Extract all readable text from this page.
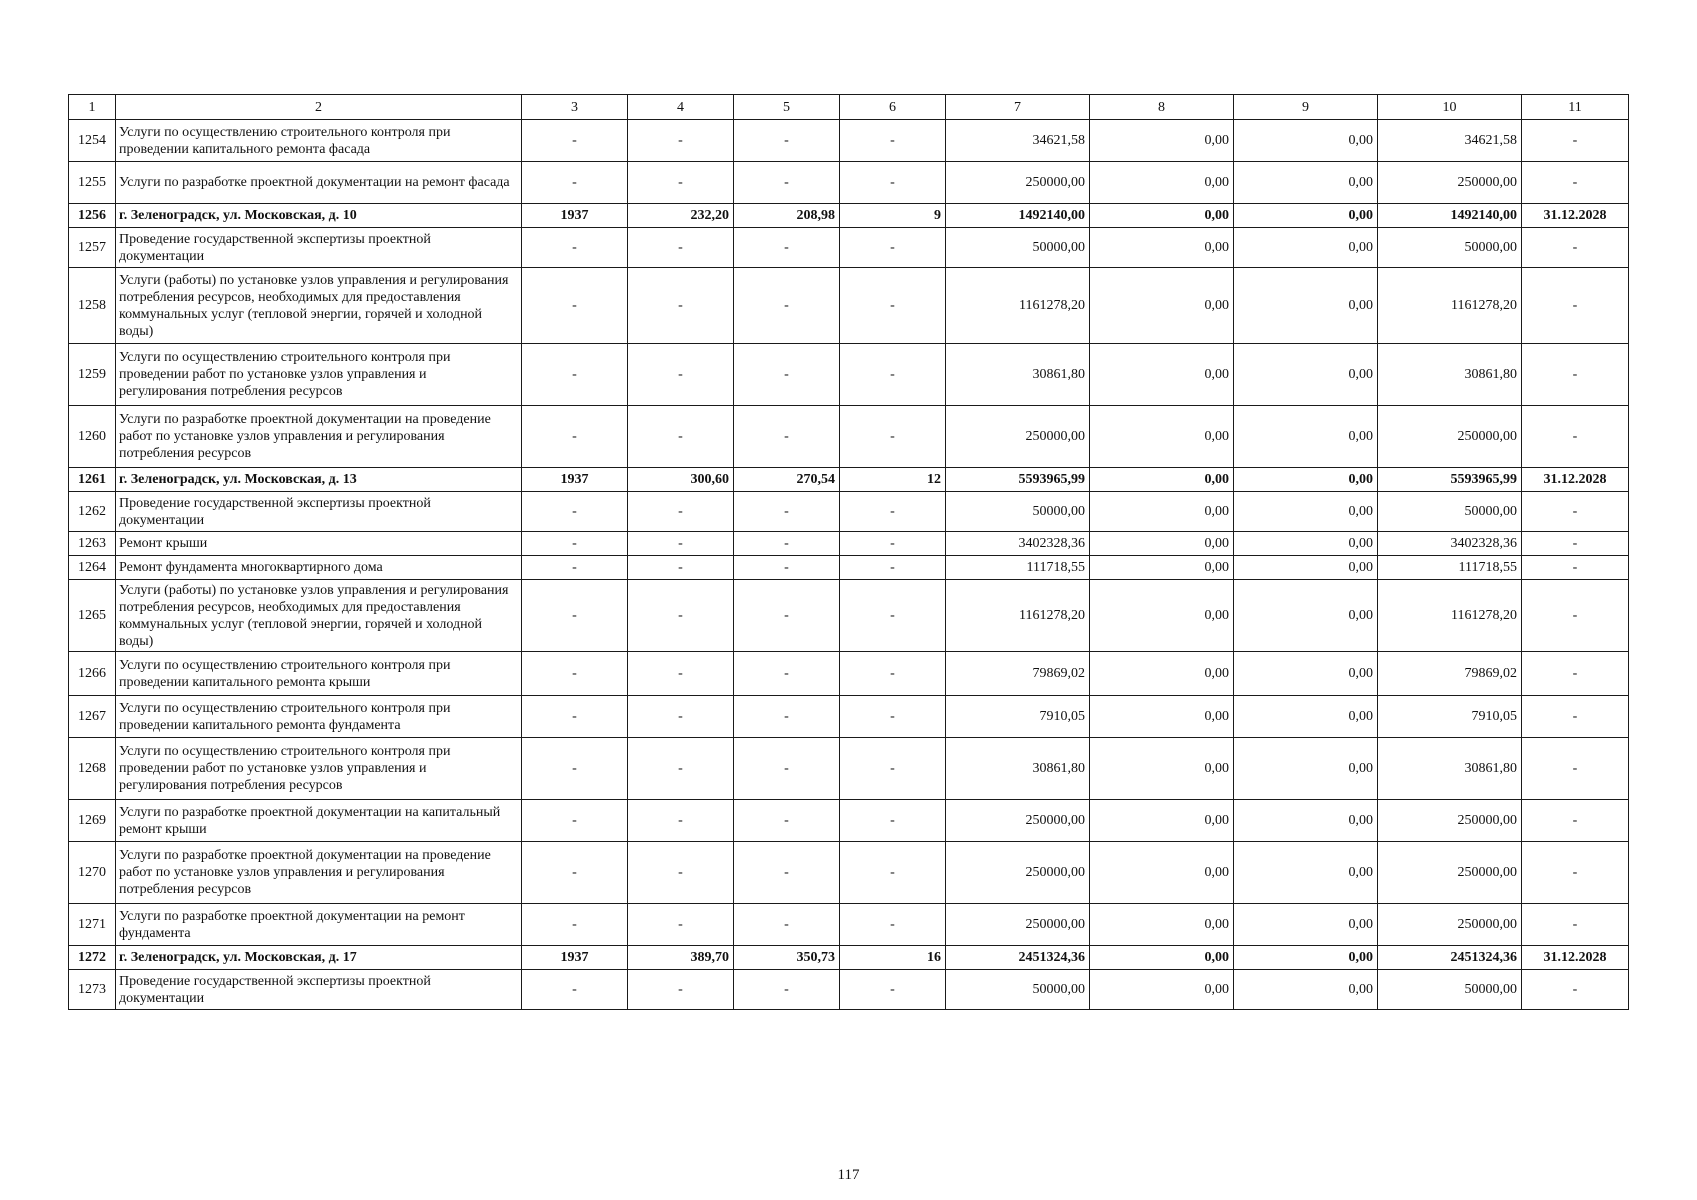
1	2	3	4	5	6	7	8	9	10	11
1254	Услуги по осуществлению строительного контроля при проведении капитального ремонта фасада	-	-	-	-	34621,58	0,00	0,00	34621,58	-
1255	Услуги по разработке проектной документации на ремонт фасада	-	-	-	-	250000,00	0,00	0,00	250000,00	-
1256	г. Зеленоградск, ул. Московская, д. 10	1937	232,20	208,98	9	1492140,00	0,00	0,00	1492140,00	31.12.2028
1257	Проведение государственной экспертизы проектной документации	-	-	-	-	50000,00	0,00	0,00	50000,00	-
1258	Услуги (работы) по установке узлов управления и регулирования потребления ресурсов, необходимых для предоставления коммунальных услуг (тепловой энергии, горячей и холодной воды)	-	-	-	-	1161278,20	0,00	0,00	1161278,20	-
1259	Услуги по осуществлению строительного контроля при проведении работ по установке узлов управления и регулирования потребления ресурсов	-	-	-	-	30861,80	0,00	0,00	30861,80	-
1260	Услуги по разработке проектной документации на проведение работ по установке узлов управления и регулирования потребления ресурсов	-	-	-	-	250000,00	0,00	0,00	250000,00	-
1261	г. Зеленоградск, ул. Московская, д. 13	1937	300,60	270,54	12	5593965,99	0,00	0,00	5593965,99	31.12.2028
1262	Проведение государственной экспертизы проектной документации	-	-	-	-	50000,00	0,00	0,00	50000,00	-
1263	Ремонт крыши	-	-	-	-	3402328,36	0,00	0,00	3402328,36	-
1264	Ремонт фундамента многоквартирного дома	-	-	-	-	111718,55	0,00	0,00	111718,55	-
1265	Услуги (работы) по установке узлов управления и регулирования потребления ресурсов, необходимых для предоставления коммунальных услуг (тепловой энергии, горячей и холодной воды)	-	-	-	-	1161278,20	0,00	0,00	1161278,20	-
1266	Услуги по осуществлению строительного контроля при проведении капитального ремонта крыши	-	-	-	-	79869,02	0,00	0,00	79869,02	-
1267	Услуги по осуществлению строительного контроля при проведении капитального ремонта фундамента	-	-	-	-	7910,05	0,00	0,00	7910,05	-
1268	Услуги по осуществлению строительного контроля при проведении работ по установке узлов управления и регулирования потребления ресурсов	-	-	-	-	30861,80	0,00	0,00	30861,80	-
1269	Услуги по разработке проектной документации на капитальный ремонт крыши	-	-	-	-	250000,00	0,00	0,00	250000,00	-
1270	Услуги по разработке проектной документации на проведение работ по установке узлов управления и регулирования потребления ресурсов	-	-	-	-	250000,00	0,00	0,00	250000,00	-
1271	Услуги по разработке проектной документации на ремонт фундамента	-	-	-	-	250000,00	0,00	0,00	250000,00	-
1272	г. Зеленоградск, ул. Московская, д. 17	1937	389,70	350,73	16	2451324,36	0,00	0,00	2451324,36	31.12.2028
1273	Проведение государственной экспертизы проектной документации	-	-	-	-	50000,00	0,00	0,00	50000,00	-
117
